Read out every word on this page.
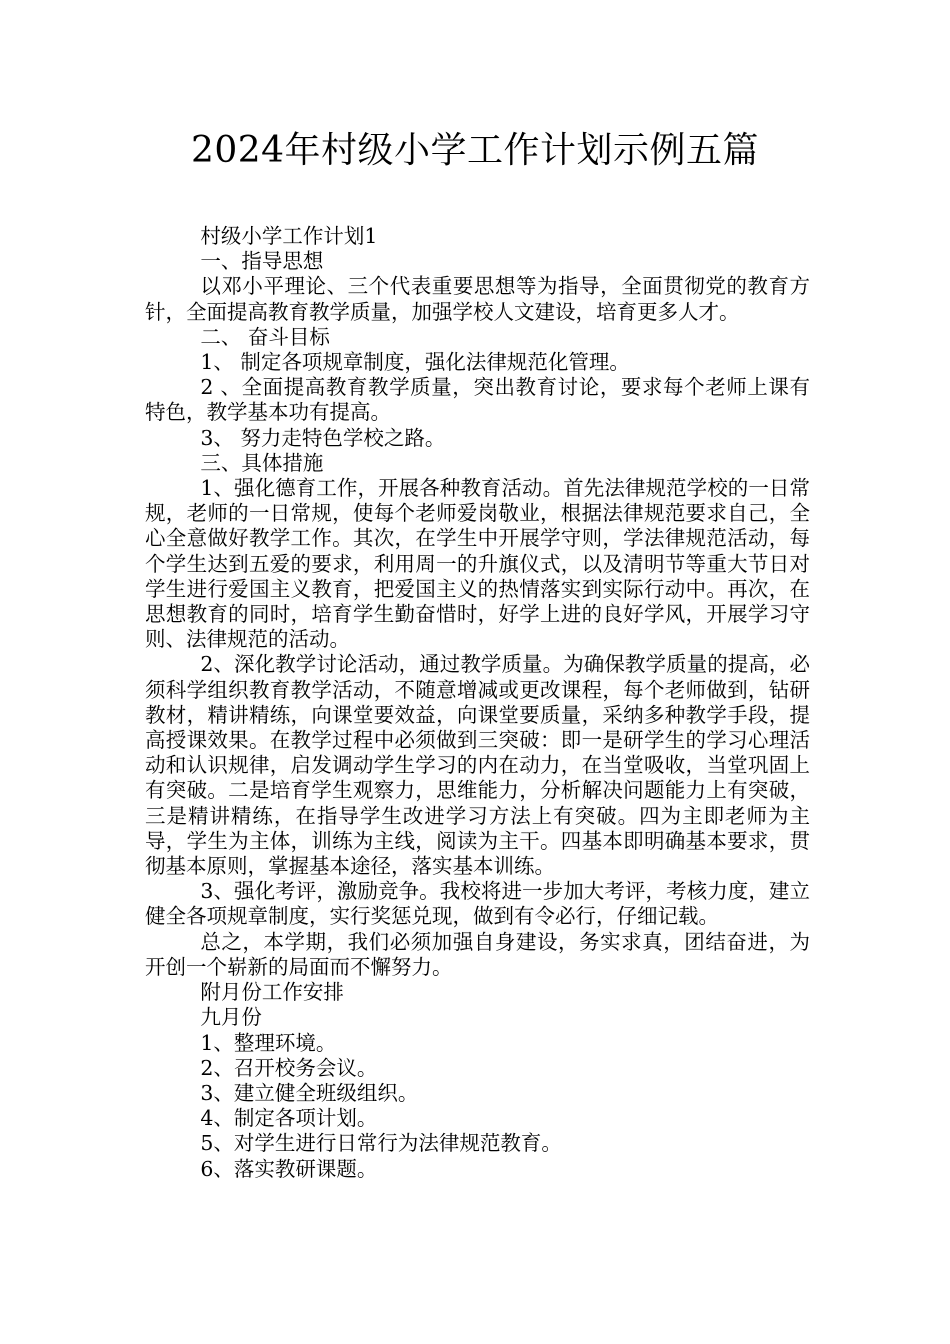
2024年村级小学工作计划示例五篇

村级小学工作计划1

一、指导思想

以邓小平理论、三个代表重要思想等为指导，全面贯彻党的教育方针，全面提高教育教学质量，加强学校人文建设，培育更多人才。

二、 奋斗目标

1、 制定各项规章制度，强化法律规范化管理。

2 、全面提高教育教学质量，突出教育讨论，要求每个老师上课有特色，教学基本功有提高。

3、 努力走特色学校之路。

三、具体措施

1、强化德育工作，开展各种教育活动。首先法律规范学校的一日常规，老师的一日常规，使每个老师爱岗敬业，根据法律规范要求自己，全心全意做好教学工作。其次，在学生中开展学守则，学法律规范活动，每个学生达到五爱的要求，利用周一的升旗仪式，以及清明节等重大节日对学生进行爱国主义教育，把爱国主义的热情落实到实际行动中。再次，在思想教育的同时，培育学生勤奋惜时，好学上进的良好学风，开展学习守则、法律规范的活动。

2、深化教学讨论活动，通过教学质量。为确保教学质量的提高，必须科学组织教育教学活动，不随意增减或更改课程，每个老师做到，钻研教材，精讲精练，向课堂要效益，向课堂要质量，采纳多种教学手段，提高授课效果。在教学过程中必须做到三突破：即一是研学生的学习心理活动和认识规律，启发调动学生学习的内在动力，在当堂吸收，当堂巩固上有突破。二是培育学生观察力，思维能力，分析解决问题能力上有突破，三是精讲精练，在指导学生改进学习方法上有突破。四为主即老师为主导，学生为主体，训练为主线，阅读为主干。四基本即明确基本要求，贯彻基本原则，掌握基本途径，落实基本训练。

3、强化考评，激励竞争。我校将进一步加大考评，考核力度，建立健全各项规章制度，实行奖惩兑现，做到有令必行，仔细记载。

总之，本学期，我们必须加强自身建设，务实求真，团结奋进，为开创一个崭新的局面而不懈努力。

附月份工作安排

九月份

1、整理环境。

2、召开校务会议。

3、建立健全班级组织。

4、制定各项计划。

5、对学生进行日常行为法律规范教育。

6、落实教研课题。
